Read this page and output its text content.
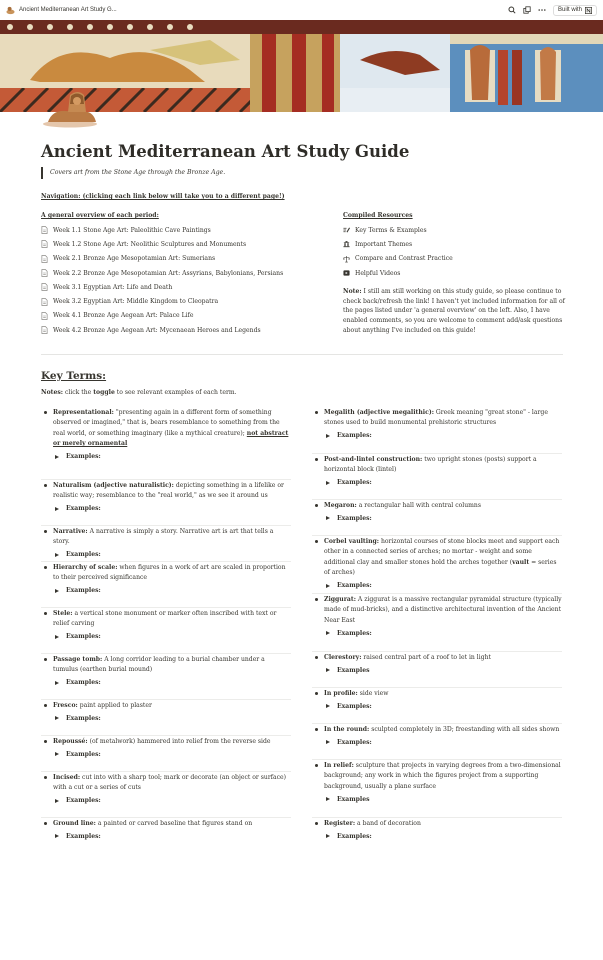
Ancient Mediterranean Art Study G...	Built with
Ancient Mediterranean Art Study Guide
Covers art from the Stone Age through the Bronze Age.
Navigation: (clicking each link below will take you to a different page!)
A general overview of each period:
Week 1.1 Stone Age Art: Paleolithic Cave Paintings
Week 1.2 Stone Age Art: Neolithic Sculptures and Monuments
Week 2.1 Bronze Age Mesopotamian Art: Sumerians
Week 2.2 Bronze Age Mesopotamian Art: Assyrians, Babylonians, Persians
Week 3.1 Egyptian Art: Life and Death
Week 3.2 Egyptian Art: Middle Kingdom to Cleopatra
Week 4.1 Bronze Age Aegean Art: Palace Life
Week 4.2 Bronze Age Aegean Art: Mycenaean Heroes and Legends
Compiled Resources
Key Terms & Examples
Important Themes
Compare and Contrast Practice
Helpful Videos
Note: I still am still working on this study guide, so please continue to check back/refresh the link! I haven't yet included information for all of the pages listed under 'a general overview' on the left. Also, I have enabled comments, so you are welcome to comment add/ask questions about anything I've included on this guide!
Key Terms:
Notes: click the toggle to see relevant examples of each term.
Representational: "presenting again in a different form of something observed or imagined," that is, bears resemblance to something from the real world, or something imaginary (like a mythical creature); not abstract or merely ornamental
Examples:
Naturalism (adjective naturalistic): depicting something in a lifelike or realistic way; resemblance to the "real world," as we see it around us
Examples:
Narrative: A narrative is simply a story. Narrative art is art that tells a story.
Examples:
Hierarchy of scale: when figures in a work of art are scaled in proportion to their perceived significance
Examples:
Stele: a vertical stone monument or marker often inscribed with text or relief carving
Examples:
Passage tomb: A long corridor leading to a burial chamber under a tumulus (earthen burial mound)
Examples:
Fresco: paint applied to plaster
Examples:
Repoussé: (of metalwork) hammered into relief from the reverse side
Examples:
Incised: cut into with a sharp tool; mark or decorate (an object or surface) with a cut or a series of cuts
Examples:
Ground line: a painted or carved baseline that figures stand on
Examples:
Megalith (adjective megalithic): Greek meaning "great stone" - large stones used to build monumental prehistoric structures
Examples:
Post-and-lintel construction: two upright stones (posts) support a horizontal block (lintel)
Examples:
Megaron: a rectangular hall with central columns
Examples:
Corbel vaulting: horizontal courses of stone blocks meet and support each other in a connected series of arches; no mortar - weight and some additional clay and smaller stones hold the arches together (vault = series of arches)
Examples:
Ziggurat: A ziggurat is a massive rectangular pyramidal structure (typically made of mud-bricks), and a distinctive architectural invention of the Ancient Near East
Examples:
Clerestory: raised central part of a roof to let in light
Examples
In profile: side view
Examples:
In the round: sculpted completely in 3D; freestanding with all sides shown
Examples:
In relief: sculpture that projects in varying degrees from a two-dimensional background; any work in which the figures project from a supporting background, usually a plane surface
Examples
Register: a band of decoration
Examples:
